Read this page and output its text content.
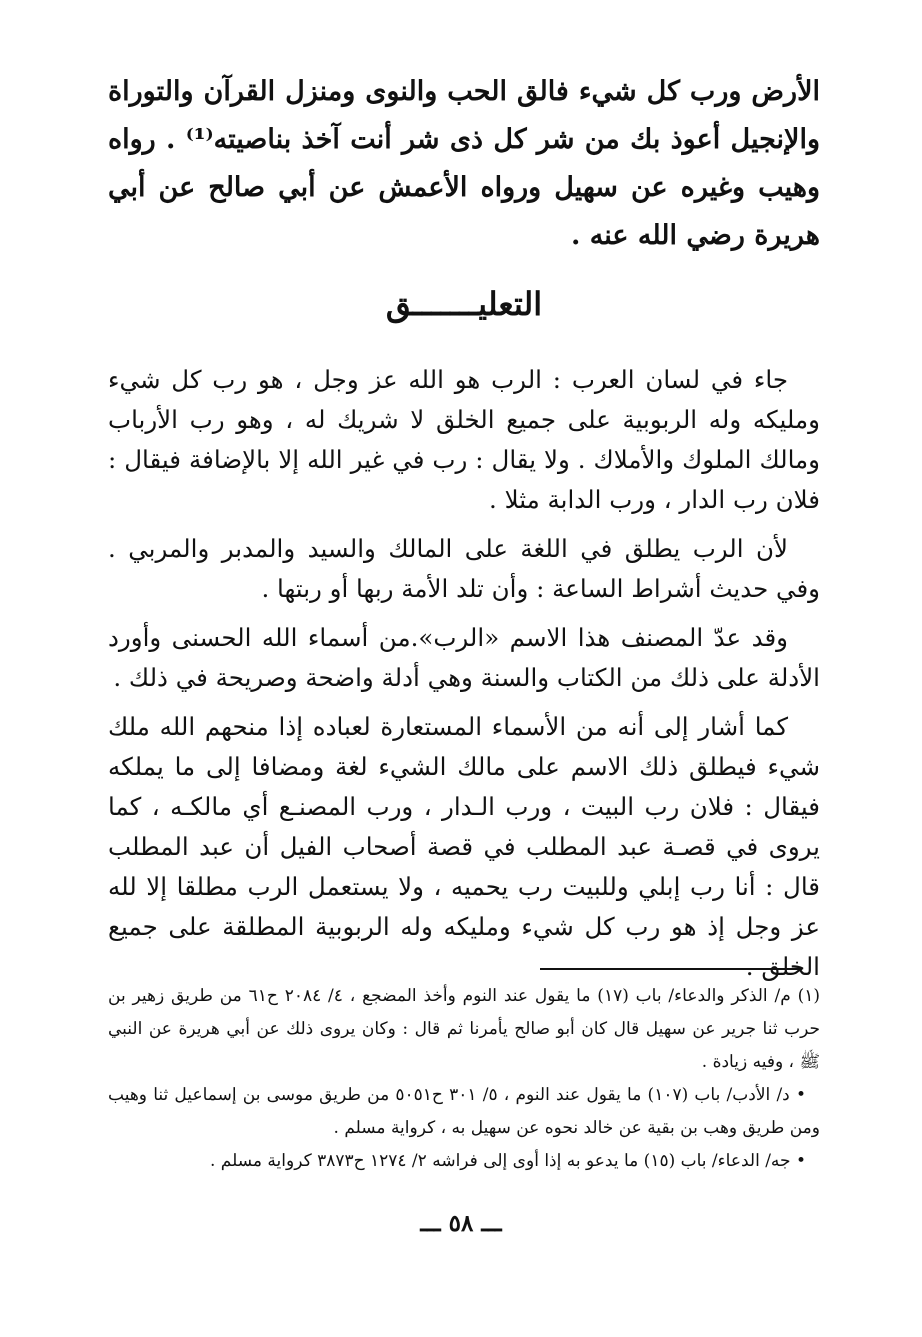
الأرض ورب كل شيء فالق الحب والنوى ومنزل القرآن والتوراة والإنجيل أعوذ بك من شر كل ذى شر أنت آخذ بناصيته⁽¹⁾ . رواه وهيب وغيره عن سهيل ورواه الأعمش عن أبي صالح عن أبي هريرة رضي الله عنه .
التعليـــــــق

جاء في لسان العرب : الرب هو الله عز وجل ، هو رب كل شيء ومليكه وله الربوبية على جميع الخلق لا شريك له ، وهو رب الأرباب ومالك الملوك والأملاك . ولا يقال : رب في غير الله إلا بالإضافة فيقال : فلان رب الدار ، ورب الدابة مثلا .

لأن الرب يطلق في اللغة على المالك والسيد والمدبر والمربي . وفي حديث أشراط الساعة : وأن تلد الأمة ربها أو ربتها .

وقد عدّ المصنف هذا الاسم «الرب».من أسماء الله الحسنى وأورد الأدلة على ذلك من الكتاب والسنة وهي أدلة واضحة وصريحة في ذلك .

كما أشار إلى أنه من الأسماء المستعارة لعباده إذا منحهم الله ملك شيء فيطلق ذلك الاسم على مالك الشيء لغة ومضافا إلى ما يملكه فيقال : فلان رب البيت ، ورب الـدار ، ورب المصنـع أي مالكـه ، كما يروى في قصـة عبد المطلب في قصة أصحاب الفيل أن عبد المطلب قال : أنا رب إبلي وللبيت رب يحميه ، ولا يستعمل الرب مطلقا إلا لله عز وجل إذ هو رب كل شيء ومليكه وله الربوبية المطلقة على جميع الخلق .

(١) م/ الذكر والدعاء/ باب (١٧) ما يقول عند النوم وأخذ المضجع ، ٤/ ٢٠٨٤ ح٦١ من طريق زهير بن حرب ثنا جرير عن سهيل قال كان أبو صالح يأمرنا ثم قال : وكان يروى ذلك عن أبي هريرة عن النبي ﷺ ، وفيه زيادة .

• د/ الأدب/ باب (١٠٧) ما يقول عند النوم ، ٥/ ٣٠١ ح٥٠٥١ من طريق موسى بن إسماعيل ثنا وهيب ومن طريق وهب بن بقية عن خالد نحوه عن سهيل به ، كرواية مسلم .

• جه/ الدعاء/ باب (١٥) ما يدعو به إذا أوى إلى فراشه ٢/ ١٢٧٤ ح٣٨٧٣ كرواية مسلم .

ـــ ٥٨ ـــ
